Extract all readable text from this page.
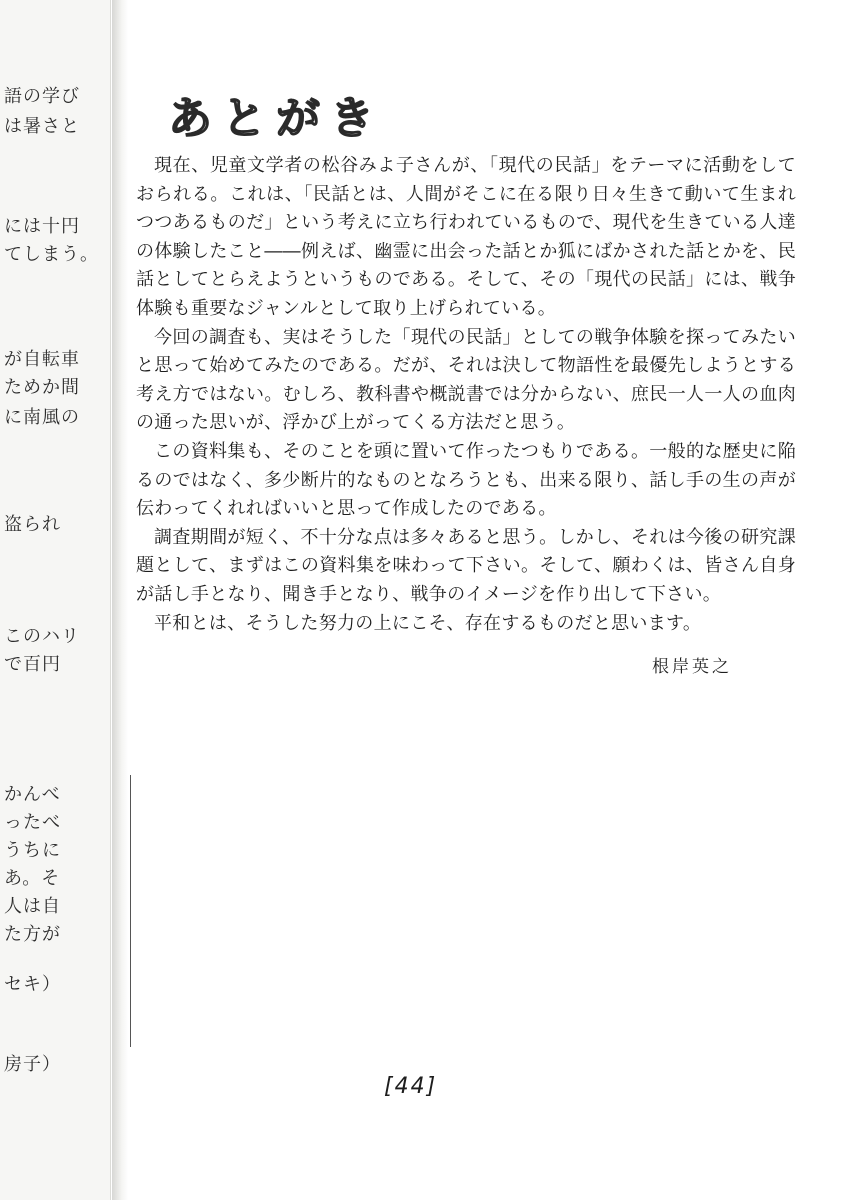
語の学び
は暑さと
には十円
てしまう。
が自転車
ためか間
に南風の
盗られ
このハリ
で百円
かんべ
ったべ
うちに
あ。そ
人は自
た方が
セキ）
房子）
あとがき

現在、児童文学者の松谷みよ子さんが、「現代の民話」をテーマに活動をしておられる。これは、「民話とは、人間がそこに在る限り日々生きて動いて生まれつつあるものだ」という考えに立ち行われているもので、現代を生きている人達の体験したこと――例えば、幽霊に出会った話とか狐にばかされた話とかを、民話としてとらえようというものである。そして、その「現代の民話」には、戦争体験も重要なジャンルとして取り上げられている。

今回の調査も、実はそうした「現代の民話」としての戦争体験を探ってみたいと思って始めてみたのである。だが、それは決して物語性を最優先しようとする考え方ではない。むしろ、教科書や概説書では分からない、庶民一人一人の血肉の通った思いが、浮かび上がってくる方法だと思う。

この資料集も、そのことを頭に置いて作ったつもりである。一般的な歴史に陥るのではなく、多少断片的なものとなろうとも、出来る限り、話し手の生の声が伝わってくれればいいと思って作成したのである。

調査期間が短く、不十分な点は多々あると思う。しかし、それは今後の研究課題として、まずはこの資料集を味わって下さい。そして、願わくは、皆さん自身が話し手となり、聞き手となり、戦争のイメージを作り出して下さい。

平和とは、そうした努力の上にこそ、存在するものだと思います。

根岸英之
[44]
